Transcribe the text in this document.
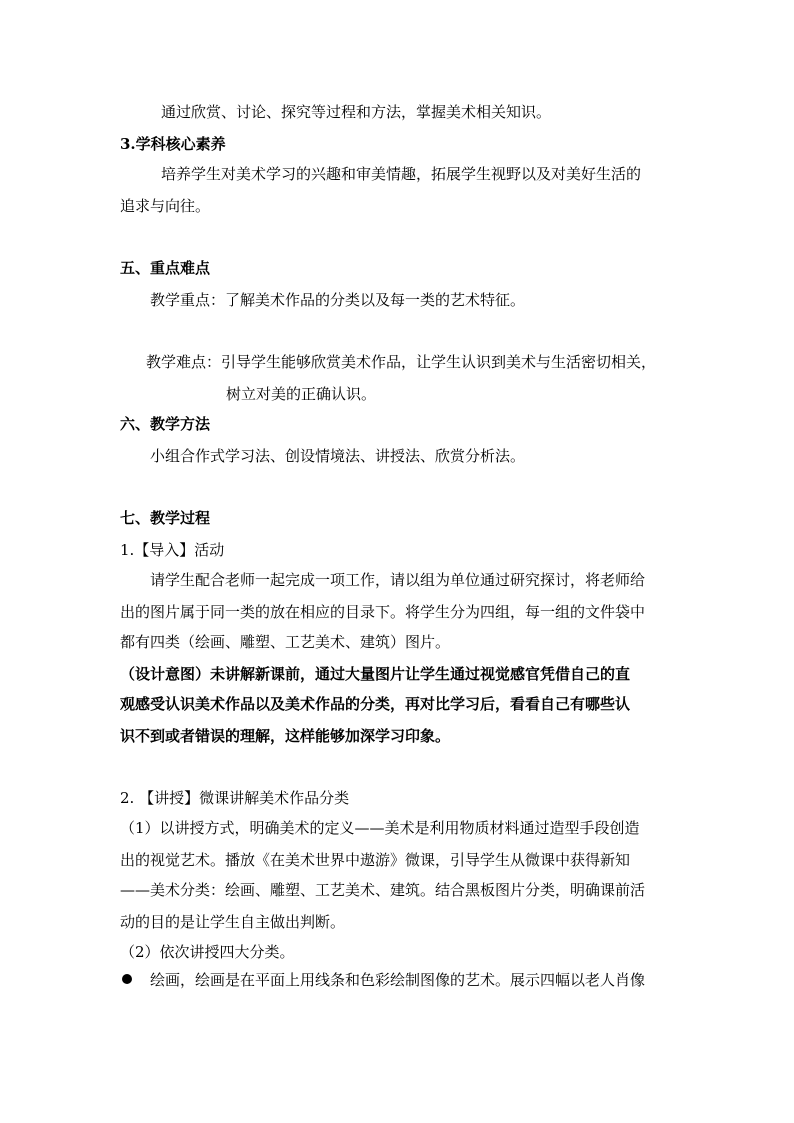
通过欣赏、讨论、探究等过程和方法，掌握美术相关知识。
3.学科核心素养
培养学生对美术学习的兴趣和审美情趣，拓展学生视野以及对美好生活的
追求与向往。
五、重点难点
教学重点：了解美术作品的分类以及每一类的艺术特征。
教学难点：引导学生能够欣赏美术作品，让学生认识到美术与生活密切相关，
树立对美的正确认识。
六、教学方法
小组合作式学习法、创设情境法、讲授法、欣赏分析法。
七、教学过程
1.【导入】活动
请学生配合老师一起完成一项工作，请以组为单位通过研究探讨，将老师给
出的图片属于同一类的放在相应的目录下。将学生分为四组，每一组的文件袋中
都有四类（绘画、雕塑、工艺美术、建筑）图片。
（设计意图）未讲解新课前，通过大量图片让学生通过视觉感官凭借自己的直
观感受认识美术作品以及美术作品的分类，再对比学习后，看看自己有哪些认
识不到或者错误的理解，这样能够加深学习印象。
2. 【讲授】微课讲解美术作品分类
（1）以讲授方式，明确美术的定义——美术是利用物质材料通过造型手段创造
出的视觉艺术。播放《在美术世界中遨游》微课，引导学生从微课中获得新知
——美术分类：绘画、雕塑、工艺美术、建筑。结合黑板图片分类，明确课前活
动的目的是让学生自主做出判断。
（2）依次讲授四大分类。
绘画，绘画是在平面上用线条和色彩绘制图像的艺术。展示四幅以老人肖像
